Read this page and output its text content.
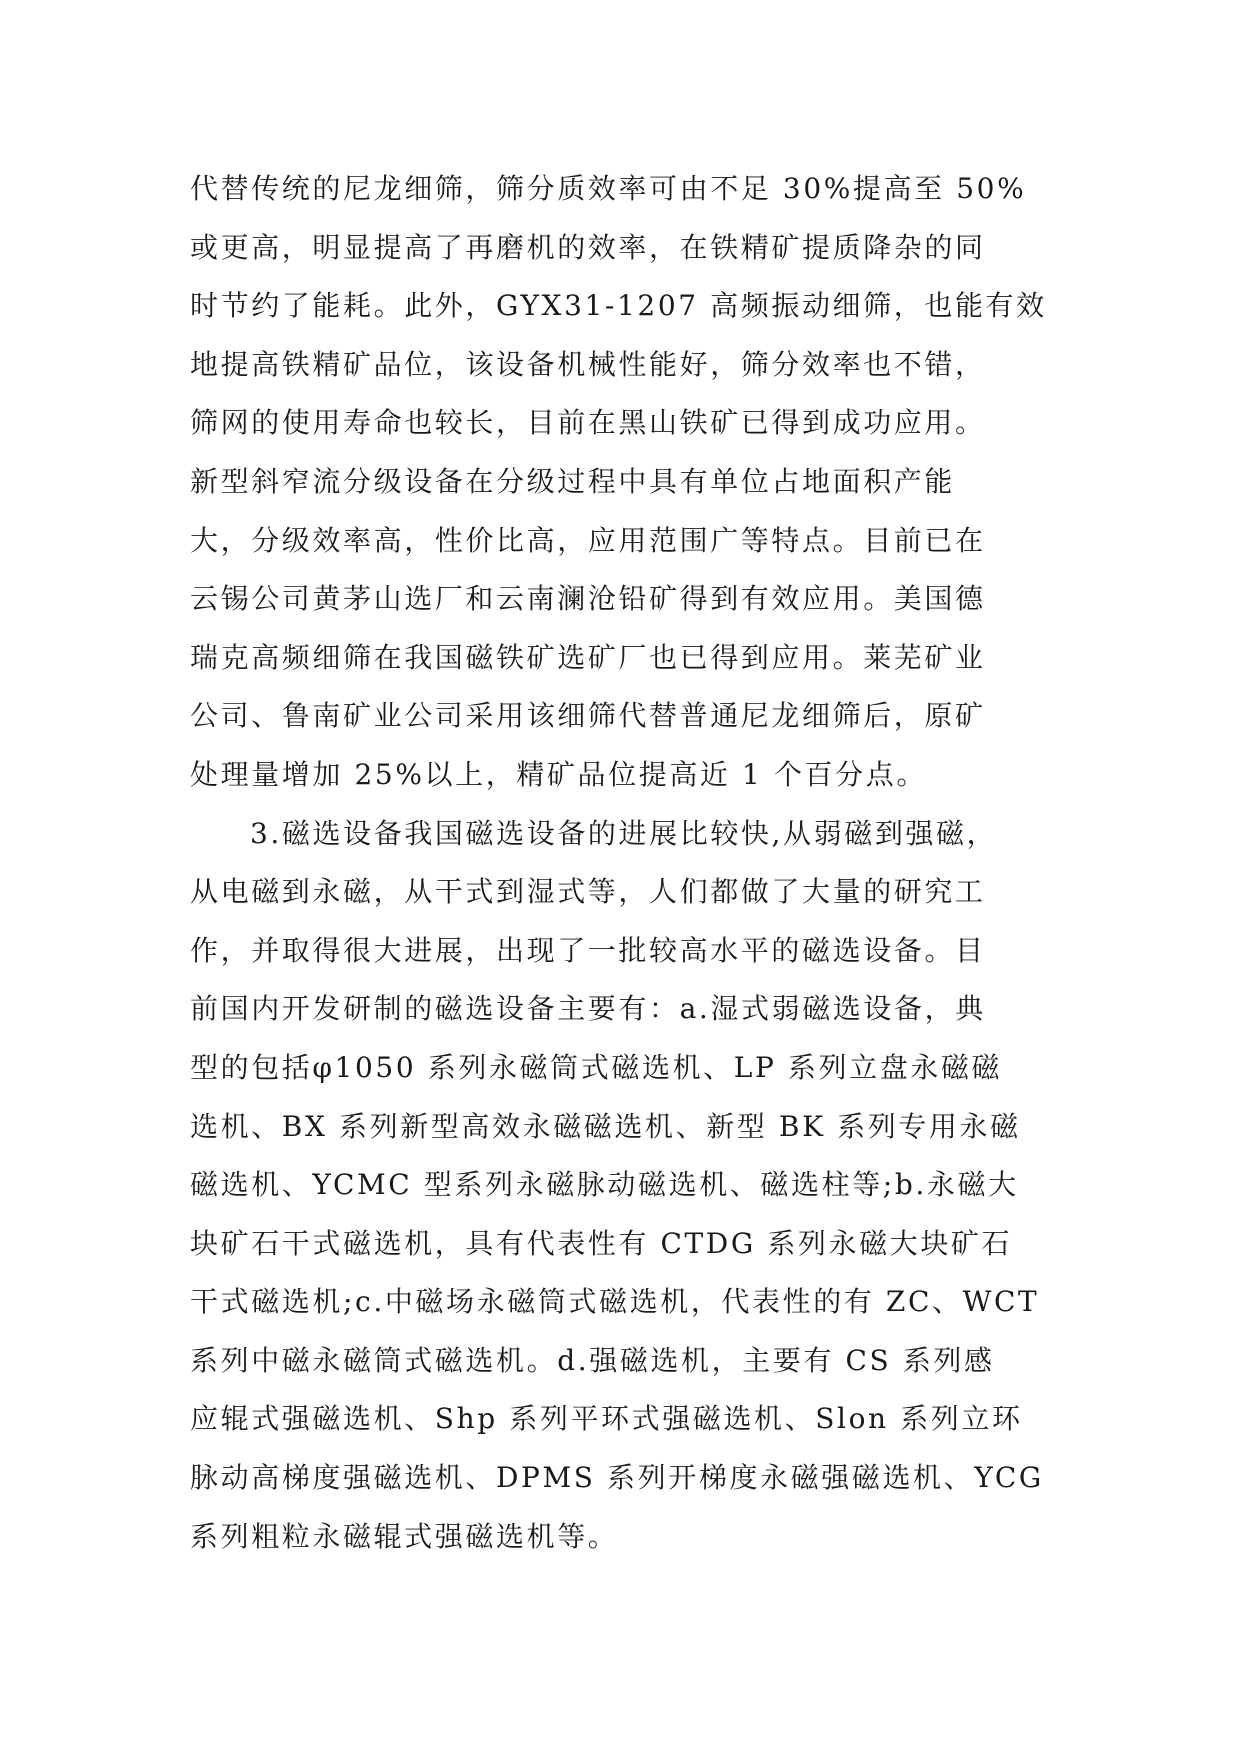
代替传统的尼龙细筛，筛分质效率可由不足 30%提高至 50%
或更高，明显提高了再磨机的效率，在铁精矿提质降杂的同
时节约了能耗。此外，GYX31-1207 高频振动细筛，也能有效
地提高铁精矿品位，该设备机械性能好，筛分效率也不错，
筛网的使用寿命也较长，目前在黑山铁矿已得到成功应用。
新型斜窄流分级设备在分级过程中具有单位占地面积产能
大，分级效率高，性价比高，应用范围广等特点。目前已在
云锡公司黄茅山选厂和云南澜沧铅矿得到有效应用。美国德
瑞克高频细筛在我国磁铁矿选矿厂也已得到应用。莱芜矿业
公司、鲁南矿业公司采用该细筛代替普通尼龙细筛后，原矿
处理量增加 25%以上，精矿品位提高近 1 个百分点。
3.磁选设备我国磁选设备的进展比较快,从弱磁到强磁，
从电磁到永磁，从干式到湿式等，人们都做了大量的研究工
作，并取得很大进展，出现了一批较高水平的磁选设备。目
前国内开发研制的磁选设备主要有：a.湿式弱磁选设备，典
型的包括φ1050 系列永磁筒式磁选机、LP 系列立盘永磁磁
选机、BX 系列新型高效永磁磁选机、新型 BK 系列专用永磁
磁选机、YCMC 型系列永磁脉动磁选机、磁选柱等;b.永磁大
块矿石干式磁选机，具有代表性有 CTDG 系列永磁大块矿石
干式磁选机;c.中磁场永磁筒式磁选机，代表性的有 ZC、WCT
系列中磁永磁筒式磁选机。d.强磁选机，主要有 CS 系列感
应辊式强磁选机、Shp 系列平环式强磁选机、Slon 系列立环
脉动高梯度强磁选机、DPMS 系列开梯度永磁强磁选机、YCG
系列粗粒永磁辊式强磁选机等。
